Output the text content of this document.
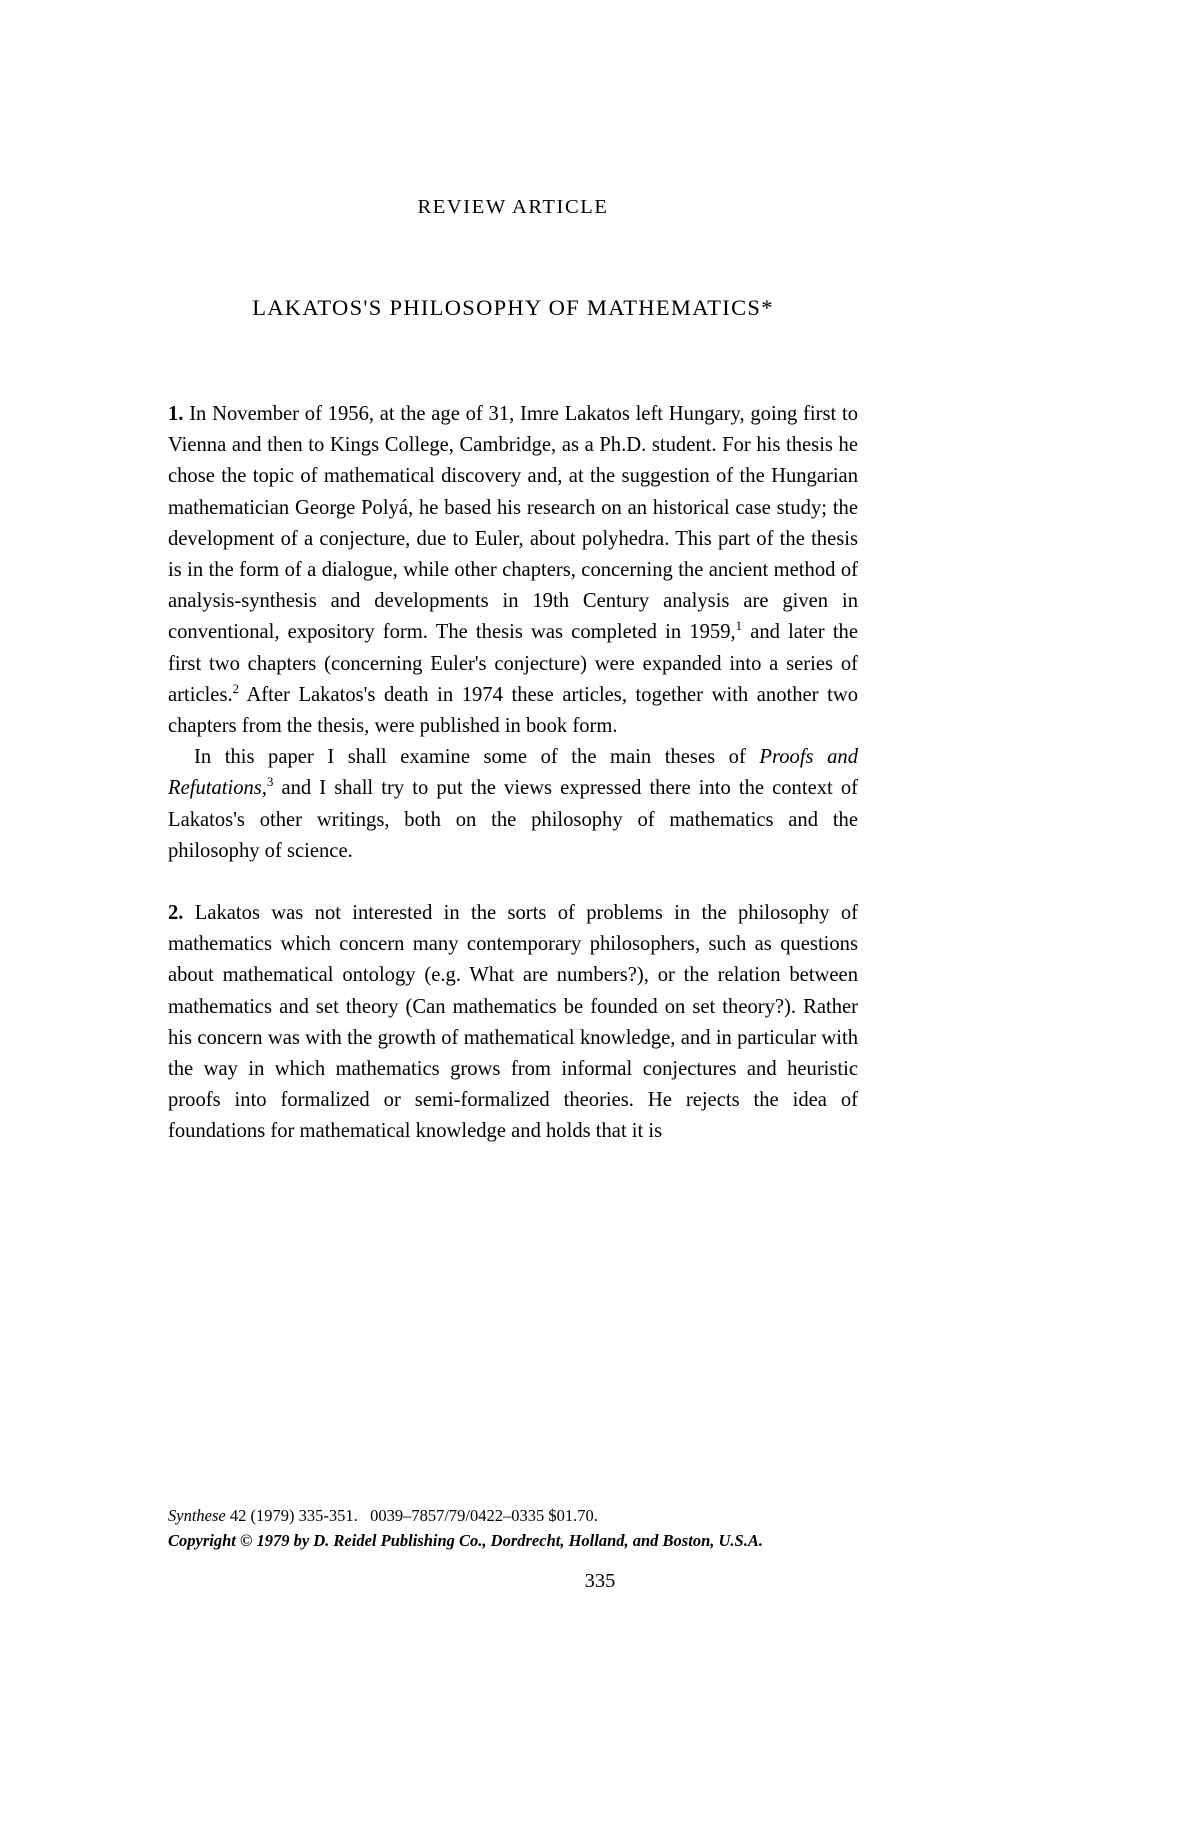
REVIEW ARTICLE
LAKATOS'S PHILOSOPHY OF MATHEMATICS*

1. In November of 1956, at the age of 31, Imre Lakatos left Hungary, going first to Vienna and then to Kings College, Cambridge, as a Ph.D. student. For his thesis he chose the topic of mathematical discovery and, at the suggestion of the Hungarian mathematician George Polyá, he based his research on an historical case study; the development of a conjecture, due to Euler, about polyhedra. This part of the thesis is in the form of a dialogue, while other chapters, concerning the ancient method of analysis-synthesis and developments in 19th Century analysis are given in conventional, expository form. The thesis was completed in 1959,$^1$ and later the first two chapters (concerning Euler's conjecture) were expanded into a series of articles.$^2$ After Lakatos's death in 1974 these articles, together with another two chapters from the thesis, were published in book form.

In this paper I shall examine some of the main theses of Proofs and Refutations,$^3$ and I shall try to put the views expressed there into the context of Lakatos's other writings, both on the philosophy of mathematics and the philosophy of science.

2. Lakatos was not interested in the sorts of problems in the philosophy of mathematics which concern many contemporary philosophers, such as questions about mathematical ontology (e.g. What are numbers?), or the relation between mathematics and set theory (Can mathematics be founded on set theory?). Rather his concern was with the growth of mathematical knowledge, and in particular with the way in which mathematics grows from informal conjectures and heuristic proofs into formalized or semi-formalized theories. He rejects the idea of foundations for mathematical knowledge and holds that it is

Synthese 42 (1979) 335-351. 0039–7857/79/0422–0335 $01.70.
Copyright © 1979 by D. Reidel Publishing Co., Dordrecht, Holland, and Boston, U.S.A.
335
